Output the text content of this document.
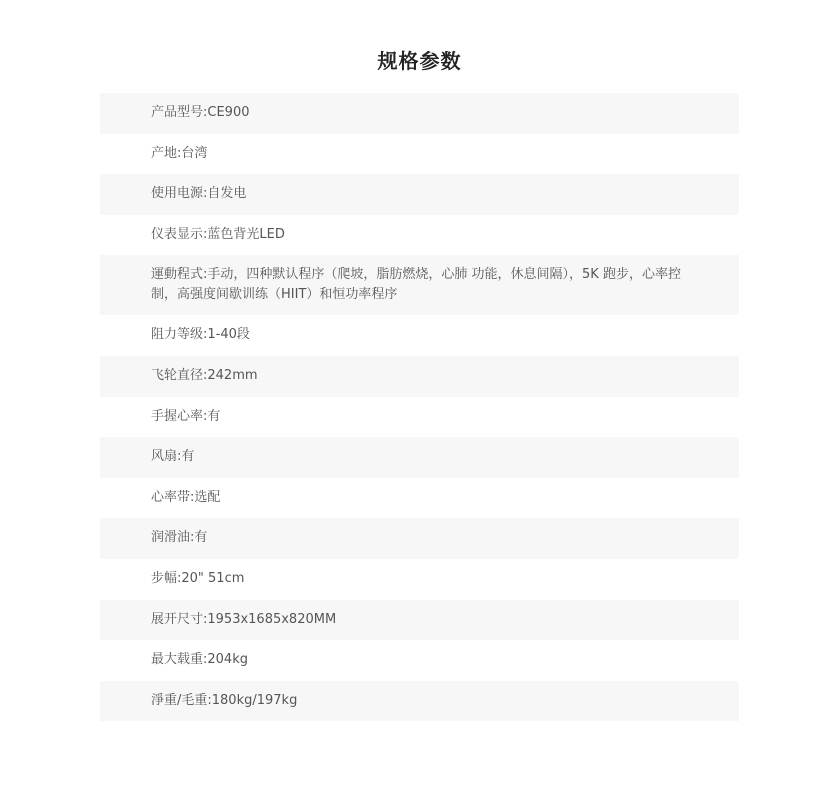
规格参数
产品型号:CE900
产地:台湾
使用电源:自发电
仪表显示:蓝色背光LED
運動程式:手动，四种默认程序（爬坡，脂肪燃烧，心肺 功能，休息间隔），5K 跑步，心率控制，高强度间歇训练（HIIT）和恒功率程序
阻力等级:1-40段
飞轮直径:242mm
手握心率:有
风扇:有
心率带:选配
润滑油:有
步幅:20" 51cm
展开尺寸:1953x1685x820MM
最大载重:204kg
淨重/毛重:180kg/197kg
